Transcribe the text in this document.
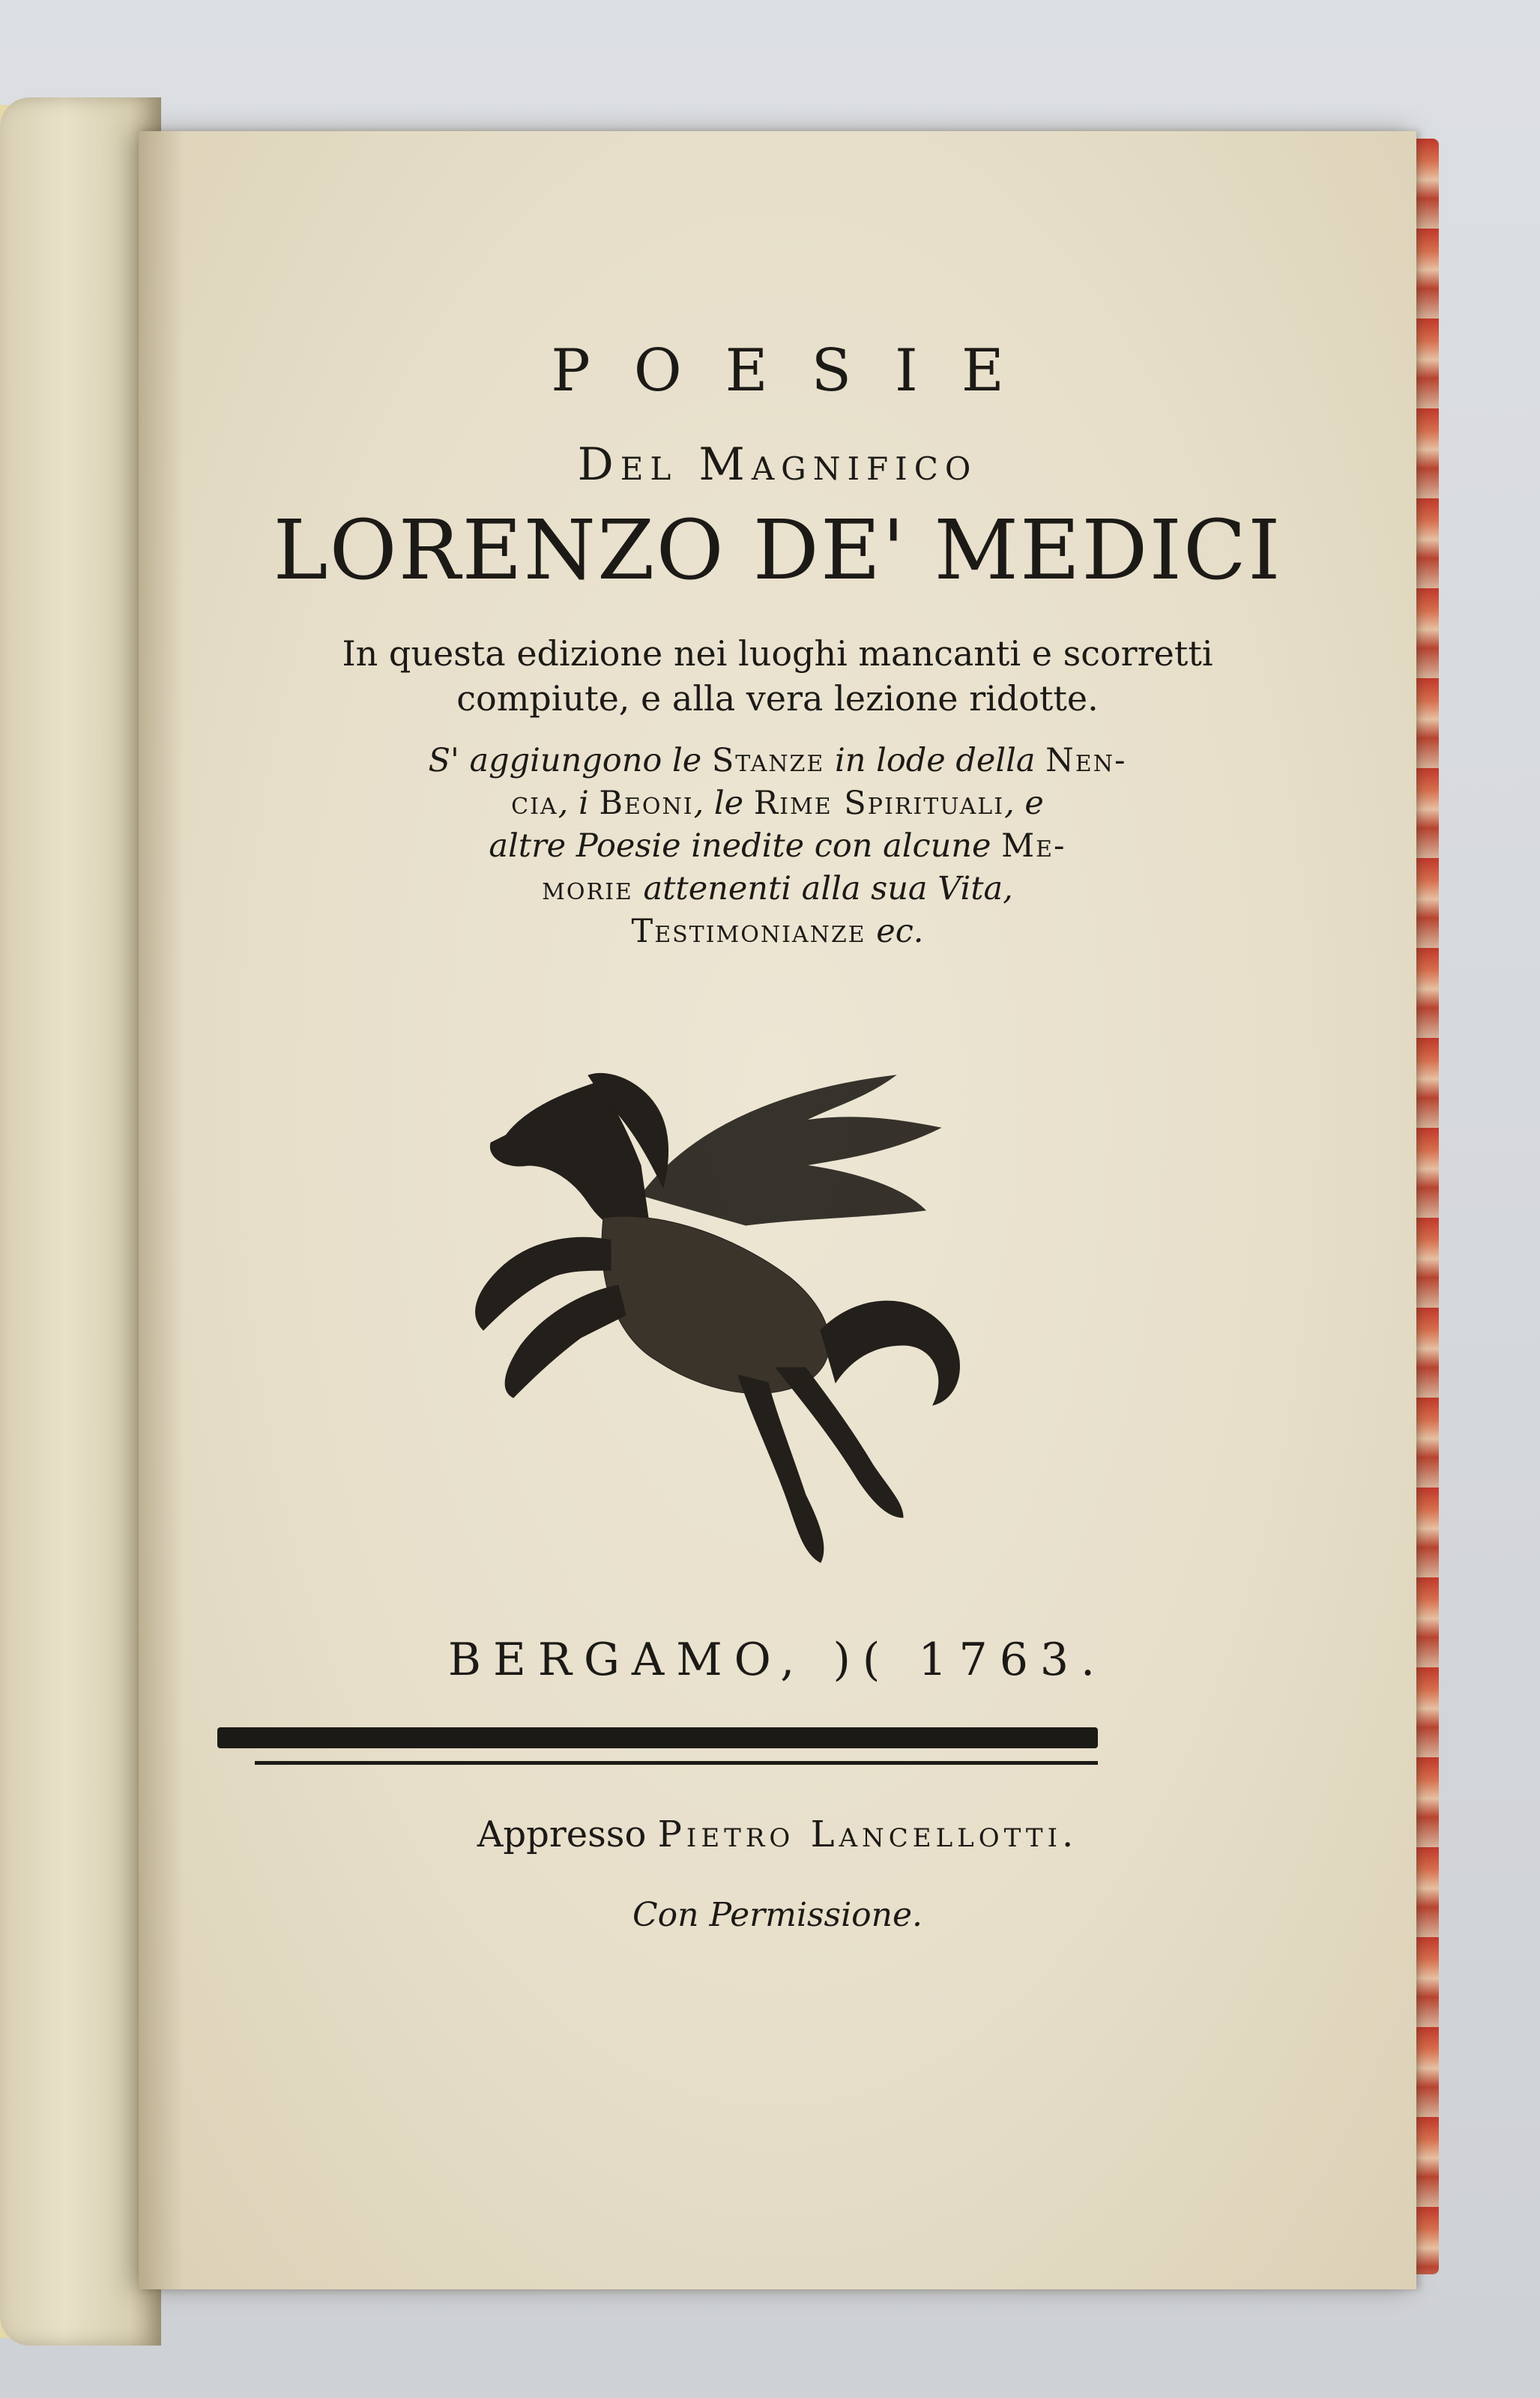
POESIE
Del Magnifico
LORENZO DE' MEDICI
In questa edizione nei luoghi mancanti e scorretti
compiute, e alla vera lezione ridotte.
S' aggiungono le Stanze in lode della Nen-
cia, i Beoni, le Rime Spirituali, e
altre Poesie inedite con alcune Me-
morie attenenti alla sua Vita,
Testimonianze ec.
BERGAMO, )( 1763.
Appresso Pietro Lancellotti.
Con Permissione.
